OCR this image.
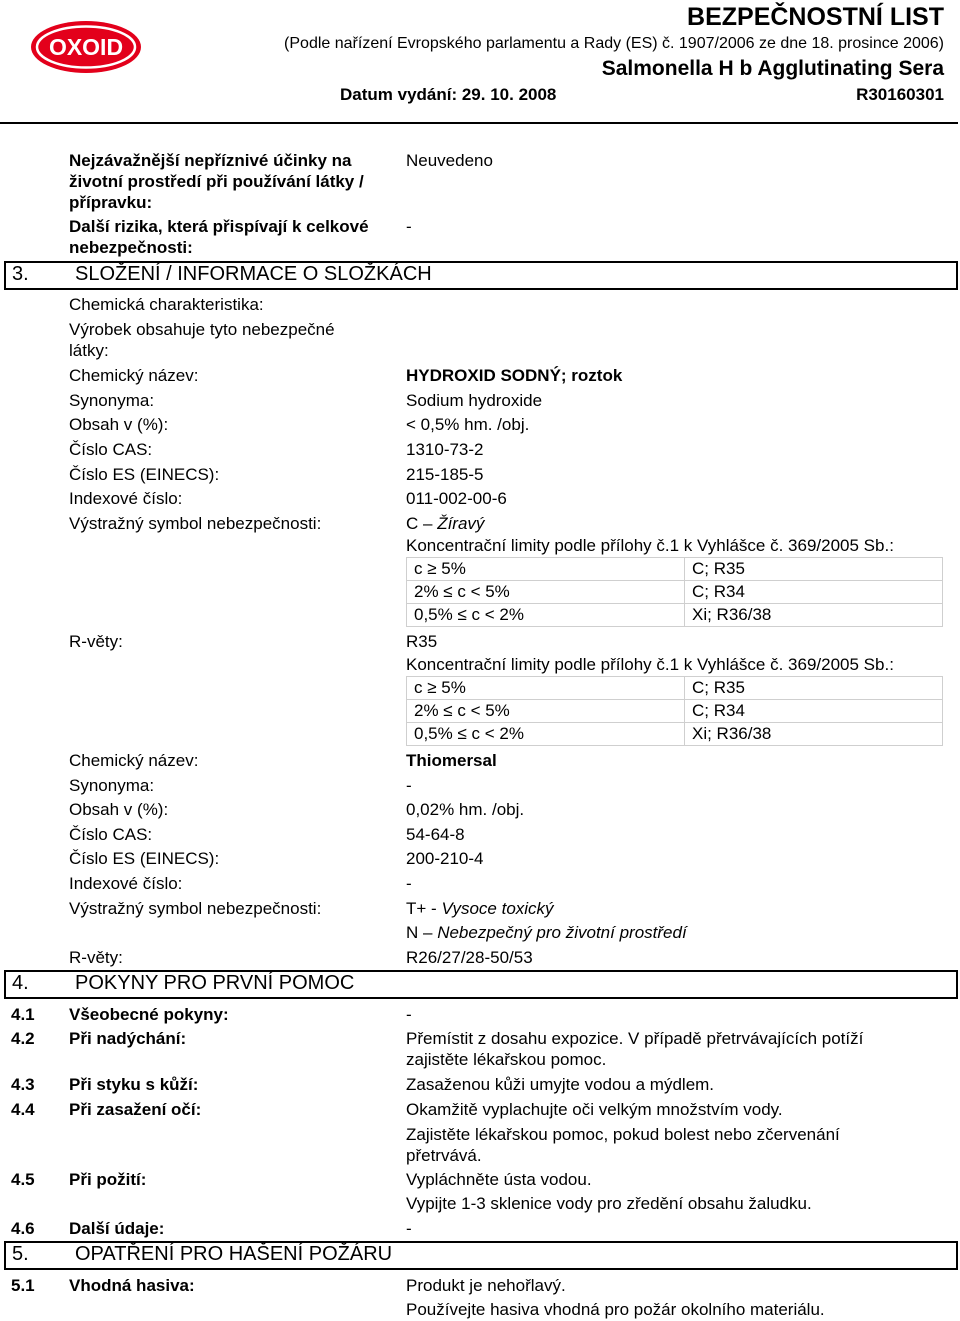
OXOID
BEZPEČNOSTNÍ LIST
(Podle nařízení Evropského parlamentu a Rady (ES) č. 1907/2006 ze dne 18. prosince 2006)
Salmonella H b Agglutinating Sera
Datum vydání: 29. 10. 2008	R30160301
Nejzávažnější nepříznivé účinky na
životní prostředí při používání látky /
přípravku:
Neuvedeno
Další rizika, která přispívají k celkové
nebezpečnosti:
-
3. SLOŽENÍ / INFORMACE O SLOŽKÁCH
Chemická charakteristika:
Výrobek obsahuje tyto nebezpečné
látky:
Chemický název:	HYDROXID SODNÝ; roztok
Synonyma:	Sodium hydroxide
Obsah v (%):	< 0,5% hm. /obj.
Číslo CAS:	1310-73-2
Číslo ES (EINECS):	215-185-5
Indexové číslo:	011-002-00-6
Výstražný symbol nebezpečnosti:	C – Žíravý
Koncentrační limity podle přílohy č.1 k Vyhlášce č. 369/2005 Sb.:
c ≥ 5%	C; R35
2% ≤ c < 5%	C; R34
0,5% ≤ c < 2%	Xi; R36/38
R-věty:	R35
Koncentrační limity podle přílohy č.1 k Vyhlášce č. 369/2005 Sb.:
c ≥ 5%	C; R35
2% ≤ c < 5%	C; R34
0,5% ≤ c < 2%	Xi; R36/38
Chemický název:	Thiomersal
Synonyma:	-
Obsah v (%):	0,02% hm. /obj.
Číslo CAS:	54-64-8
Číslo ES (EINECS):	200-210-4
Indexové číslo:	-
Výstražný symbol nebezpečnosti:	T+ - Vysoce toxický
N – Nebezpečný pro životní prostředí
R-věty:	R26/27/28-50/53
4. POKYNY PRO PRVNÍ POMOC
4.1 Všeobecné pokyny:	-
4.2 Při nadýchání:	Přemístit z dosahu expozice. V případě přetrvávajících potíží
zajistěte lékařskou pomoc.
4.3 Při styku s kůží:	Zasaženou kůži umyjte vodou a mýdlem.
4.4 Při zasažení očí:	Okamžitě vyplachujte oči velkým množstvím vody.
Zajistěte lékařskou pomoc, pokud bolest nebo zčervenání
přetrvává.
4.5 Při požití:	Vypláchněte ústa vodou.
Vypijte 1-3 sklenice vody pro zředění obsahu žaludku.
4.6 Další údaje:	-
5. OPATŘENÍ PRO HAŠENÍ POŽÁRU
5.1 Vhodná hasiva:	Produkt je nehořlavý.
Používejte hasiva vhodná pro požár okolního materiálu.
